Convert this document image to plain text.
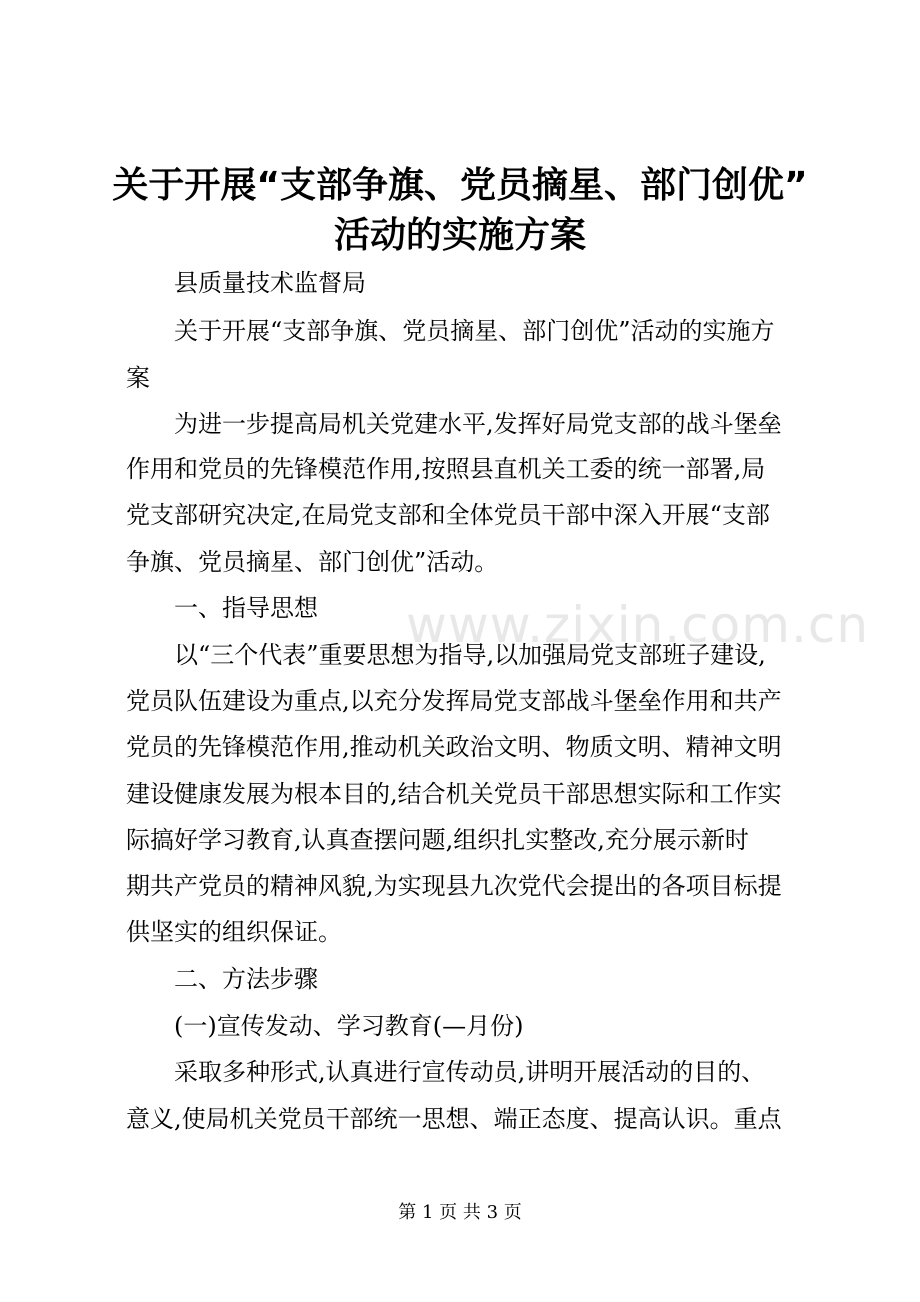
关于开展“支部争旗、党员摘星、部门创优”
活动的实施方案
县质量技术监督局
关于开展“支部争旗、党员摘星、部门创优”活动的实施方
案
为进一步提高局机关党建水平,发挥好局党支部的战斗堡垒
作用和党员的先锋模范作用,按照县直机关工委的统一部署,局
党支部研究决定,在局党支部和全体党员干部中深入开展“支部
争旗、党员摘星、部门创优”活动。
一、指导思想
以“三个代表”重要思想为指导,以加强局党支部班子建设,
党员队伍建设为重点,以充分发挥局党支部战斗堡垒作用和共产
党员的先锋模范作用,推动机关政治文明、物质文明、精神文明
建设健康发展为根本目的,结合机关党员干部思想实际和工作实
际搞好学习教育,认真查摆问题,组织扎实整改,充分展示新时
期共产党员的精神风貌,为实现县九次党代会提出的各项目标提
供坚实的组织保证。
二、方法步骤
(一)宣传发动、学习教育(—月份)
采取多种形式,认真进行宣传动员,讲明开展活动的目的、
意义,使局机关党员干部统一思想、端正态度、提高认识。重点
www.zixin.com.cn
第 1 页 共 3 页
